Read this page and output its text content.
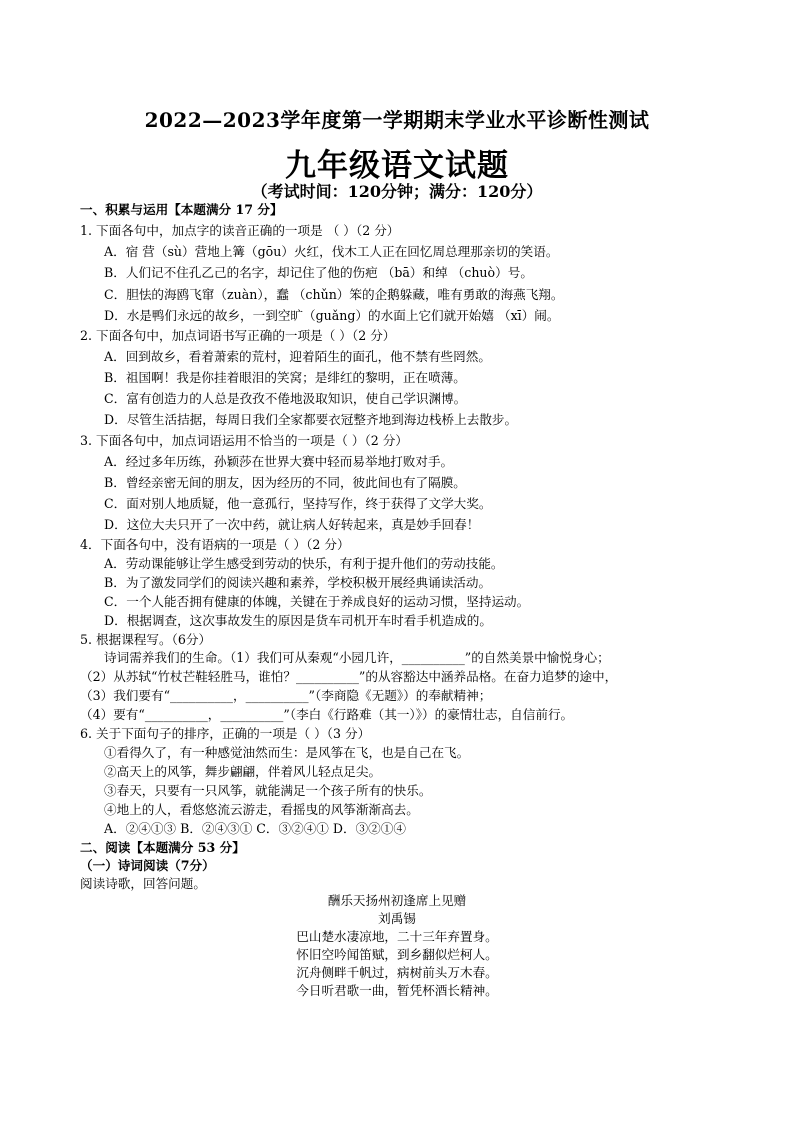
2022—2023学年度第一学期期末学业水平诊断性测试
九年级语文试题
（考试时间：120分钟；满分：120分）
一、积累与运用【本题满分 17 分】
1. 下面各句中，加点字的读音正确的一项是 （ ）（2 分）
A．宿 营（sù）营地上篝（gōu）火红，伐木工人正在回忆周总理那亲切的笑语。
B．人们记不住孔乙己的名字，却记住了他的伤疤 （bā）和绰 （chuò）号。
C．胆怯的海鸥飞窜（zuàn），蠢 （chǔn）笨的企鹅躲藏，唯有勇敢的海燕飞翔。
D．水是鸭们永远的故乡，一到空旷（guǎng）的水面上它们就开始嬉 （xī）闹。
2. 下面各句中，加点词语书写正确的一项是（ ）（2 分）
A．回到故乡，看着萧索的荒村，迎着陌生的面孔，他不禁有些罔然。
B．祖国啊！我是你挂着眼泪的笑窝；是绯红的黎明，正在喷薄。
C．富有创造力的人总是孜孜不倦地汲取知识，使自己学识渊博。
D．尽管生活拮据，每周日我们全家都要衣冠整齐地到海边栈桥上去散步。
3. 下面各句中，加点词语运用不恰当的一项是（ ）（2 分）
A．经过多年历练，孙颖莎在世界大赛中轻而易举地打败对手。
B．曾经亲密无间的朋友，因为经历的不同，彼此间也有了隔膜。
C．面对别人地质疑，他一意孤行，坚持写作，终于获得了文学大奖。
D．这位大夫只开了一次中药，就让病人好转起来，真是妙手回春！
4．下面各句中，没有语病的一项是（ ）（2 分）
A．劳动课能够让学生感受到劳动的快乐，有利于提升他们的劳动技能。
B．为了激发同学们的阅读兴趣和素养，学校积极开展经典诵读活动。
C．一个人能否拥有健康的体魄，关键在于养成良好的运动习惯，坚持运动。
D．根据调查，这次事故发生的原因是货车司机开车时看手机造成的。
5. 根据课程写。（6分）
诗词需养我们的生命。（1）我们可从秦观“小园几许，__________”的自然美景中愉悦身心；
（2）从苏轼“竹杖芒鞋轻胜马，谁怕？__________”的从容豁达中涵养品格。在奋力追梦的途中，
（3）我们要有“__________，__________”（李商隐《无题》）的奉献精神；
（4）要有“__________，__________”（李白《行路难（其一）》）的豪情壮志，自信前行。
6. 关于下面句子的排序，正确的一项是（ ）（3 分）
①看得久了，有一种感觉油然而生：是风筝在飞，也是自己在飞。
②高天上的风筝，舞步翩翩，伴着风儿轻点足尖。
③春天，只要有一只风筝，就能满足一个孩子所有的快乐。
④地上的人，看悠悠流云游走，看摇曳的风筝渐渐高去。
A．②④①③ B．②④③① C．③②④① D．③②①④
二、阅读【本题满分 53 分】
（一）诗词阅读（7分）
阅读诗歌，回答问题。
酬乐天扬州初逢席上见赠
刘禹锡
巴山楚水凄凉地，二十三年弃置身。
怀旧空吟闻笛赋，到乡翻似烂柯人。
沉舟侧畔千帆过，病树前头万木春。
今日听君歌一曲，暂凭杯酒长精神。
